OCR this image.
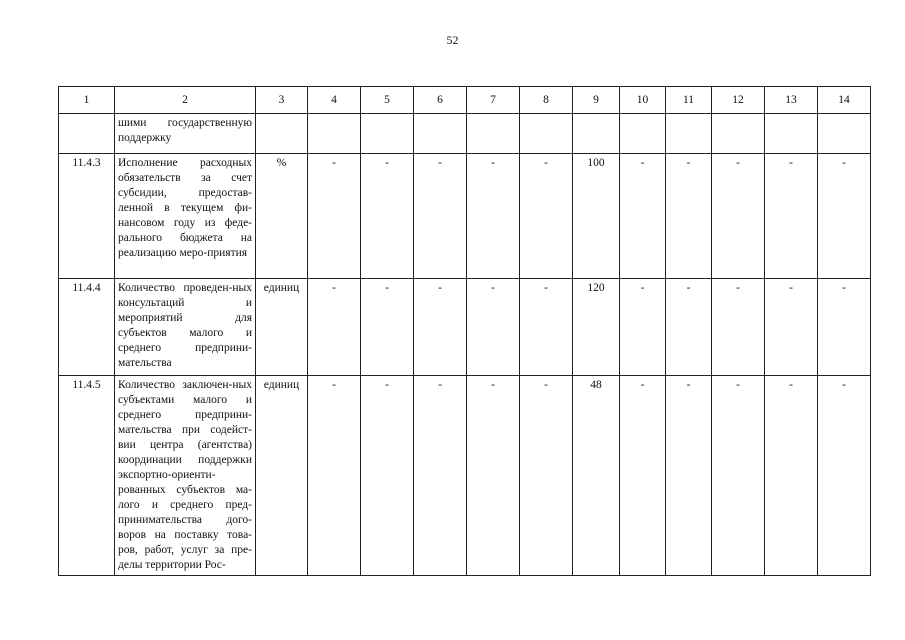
52
1	2	3	4	5	6	7	8	9	10	11	12	13	14
	шими государственную поддержку												
11.4.3	Исполнение расходных обязательств за счет субсидии, предостав-ленной в текущем фи-нансовом году из феде-рального бюджета на реализацию меро-приятия	%	-	-	-	-	-	100	-	-	-	-	-
11.4.4	Количество проведен-ных консультаций и мероприятий для субъектов малого и среднего предприни-мательства	единиц	-	-	-	-	-	120	-	-	-	-	-
11.4.5	Количество заключен-ных субъектами малого и среднего предприни-мательства при содейст-вии центра (агентства) координации поддержки экспортно-ориенти-рованных субъектов ма-лого и среднего пред-принимательства дого-воров на поставку това-ров, работ, услуг за пре-делы территории Рос-	единиц	-	-	-	-	-	48	-	-	-	-	-
